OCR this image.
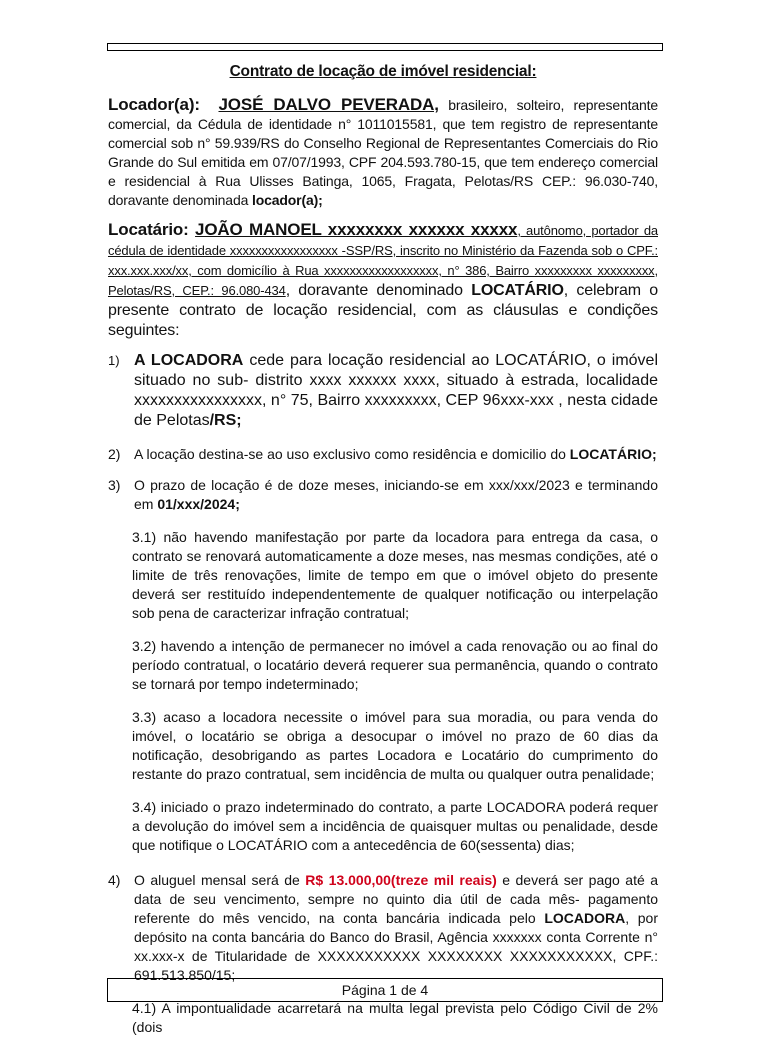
Contrato de locação de imóvel residencial:

Locador(a): JOSÉ DALVO PEVERADA, brasileiro, solteiro, representante comercial, da Cédula de identidade n° 1011015581, que tem registro de representante comercial sob n° 59.939/RS do Conselho Regional de Representantes Comerciais do Rio Grande do Sul emitida em 07/07/1993, CPF 204.593.780-15, que tem endereço comercial e residencial à Rua Ulisses Batinga, 1065, Fragata, Pelotas/RS CEP.: 96.030-740, doravante denominada locador(a);

Locatário: JOÃO MANOEL xxxxxxxx xxxxxx xxxxx, autônomo, portador da cédula de identidade xxxxxxxxxxxxxxxxx -SSP/RS, inscrito no Ministério da Fazenda sob o CPF.: xxx.xxx.xxx/xx, com domicílio à Rua xxxxxxxxxxxxxxxxxx, n° 386, Bairro xxxxxxxxx xxxxxxxxx, Pelotas/RS, CEP.: 96.080-434, doravante denominado LOCATÁRIO, celebram o presente contrato de locação residencial, com as cláusulas e condições seguintes:

1) A LOCADORA cede para locação residencial ao LOCATÁRIO, o imóvel situado no sub- distrito xxxx xxxxxx xxxx, situado à estrada, localidade xxxxxxxxxxxxxxxx, n° 75, Bairro xxxxxxxxx, CEP 96xxx-xxx , nesta cidade de Pelotas/RS;
2) A locação destina-se ao uso exclusivo como residência e domicilio do LOCATÁRIO;
3) O prazo de locação é de doze meses, iniciando-se em xxx/xxx/2023 e terminando em 01/xxx/2024;

3.1) não havendo manifestação por parte da locadora para entrega da casa, o contrato se renovará automaticamente a doze meses, nas mesmas condições, até o limite de três renovações, limite de tempo em que o imóvel objeto do presente deverá ser restituído independentemente de qualquer notificação ou interpelação sob pena de caracterizar infração contratual;

3.2) havendo a intenção de permanecer no imóvel a cada renovação ou ao final do período contratual, o locatário deverá requerer sua permanência, quando o contrato se tornará por tempo indeterminado;

3.3) acaso a locadora necessite o imóvel para sua moradia, ou para venda do imóvel, o locatário se obriga a desocupar o imóvel no prazo de 60 dias da notificação, desobrigando as partes Locadora e Locatário do cumprimento do restante do prazo contratual, sem incidência de multa ou qualquer outra penalidade;

3.4) iniciado o prazo indeterminado do contrato, a parte LOCADORA poderá requer a devolução do imóvel sem a incidência de quaisquer multas ou penalidade, desde que notifique o LOCATÁRIO com a antecedência de 60(sessenta) dias;

4) O aluguel mensal será de R$ 13.000,00(treze mil reais) e deverá ser pago até a data de seu vencimento, sempre no quinto dia útil de cada mês- pagamento referente do mês vencido, na conta bancária indicada pelo LOCADORA, por depósito na conta bancária do Banco do Brasil, Agência xxxxxxx conta Corrente n° xx.xxx-x de Titularidade de XXXXXXXXXXX XXXXXXXX XXXXXXXXXXX, CPF.: 691.513.850/15;

4.1) A impontualidade acarretará na multa legal prevista pelo Código Civil de 2% (dois

Página 1 de 4
